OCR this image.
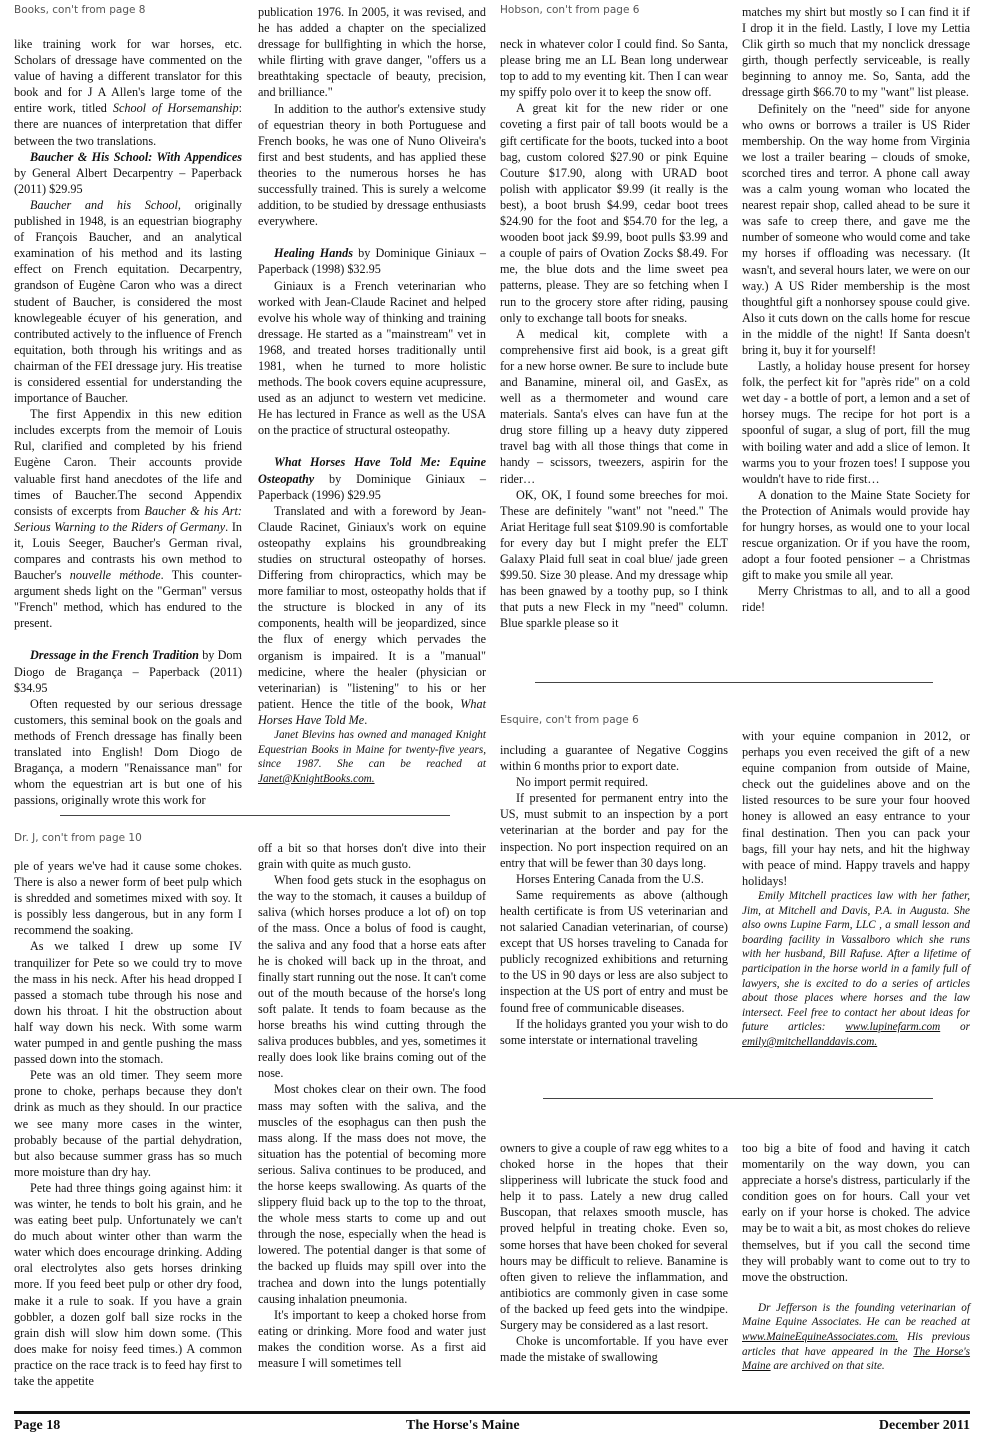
Books, con't from page 8

like training work for war horses, etc. Scholars of dressage have commented on the value of having a different translator for this book and for J A Allen's large tome of the entire work, titled School of Horsemanship: there are nuances of interpretation that differ between the two translations.

Baucher & His School: With Appendices by General Albert Decarpentry – Paperback (2011) $29.95

Baucher and his School, originally published in 1948, is an equestrian biography of François Baucher, and an analytical examination of his method and its lasting effect on French equitation. Decarpentry, grandson of Eugène Caron who was a direct student of Baucher, is considered the most knowlegeable écuyer of his generation, and contributed actively to the influence of French equitation, both through his writings and as chairman of the FEI dressage jury. His treatise is considered essential for understanding the importance of Baucher.

The first Appendix in this new edition includes excerpts from the memoir of Louis Rul, clarified and completed by his friend Eugène Caron. Their accounts provide valuable first hand anecdotes of the life and times of Baucher.The second Appendix consists of excerpts from Baucher & his Art: Serious Warning to the Riders of Germany. In it, Louis Seeger, Baucher's German rival, compares and contrasts his own method to Baucher's nouvelle méthode. This counter-argument sheds light on the "German" versus "French" method, which has endured to the present.

Dressage in the French Tradition by Dom Diogo de Bragança – Paperback (2011) $34.95

Often requested by our serious dressage customers, this seminal book on the goals and methods of French dressage has finally been translated into English! Dom Diogo de Bragança, a modern "Renaissance man" for whom the equestrian art is but one of his passions, originally wrote this work for

publication 1976. In 2005, it was revised, and he has added a chapter on the specialized dressage for bullfighting in which the horse, while flirting with grave danger, "offers us a breathtaking spectacle of beauty, precision, and brilliance."

In addition to the author's extensive study of equestrian theory in both Portuguese and French books, he was one of Nuno Oliveira's first and best students, and has applied these theories to the numerous horses he has successfully trained. This is surely a welcome addition, to be studied by dressage enthusiasts everywhere.

Healing Hands by Dominique Giniaux – Paperback (1998) $32.95

Giniaux is a French veterinarian who worked with Jean-Claude Racinet and helped evolve his whole way of thinking and training dressage. He started as a "mainstream" vet in 1968, and treated horses traditionally until 1981, when he turned to more holistic methods. The book covers equine acupressure, used as an adjunct to western vet medicine. He has lectured in France as well as the USA on the practice of structural osteopathy.

What Horses Have Told Me: Equine Osteopathy by Dominique Giniaux – Paperback (1996) $29.95

Translated and with a foreword by Jean-Claude Racinet, Giniaux's work on equine osteopathy explains his groundbreaking studies on structural osteopathy of horses. Differing from chiropractics, which may be more familiar to most, osteopathy holds that if the structure is blocked in any of its components, health will be jeopardized, since the flux of energy which pervades the organism is impaired. It is a "manual" medicine, where the healer (physician or veterinarian) is "listening" to his or her patient. Hence the title of the book, What Horses Have Told Me.

Janet Blevins has owned and managed Knight Equestrian Books in Maine for twenty-five years, since 1987. She can be reached at Janet@KnightBooks.com.

Hobson, con't from page 6

neck in whatever color I could find. So Santa, please bring me an LL Bean long underwear top to add to my eventing kit. Then I can wear my spiffy polo over it to keep the snow off.

A great kit for the new rider or one coveting a first pair of tall boots would be a gift certificate for the boots, tucked into a boot bag, custom colored $27.90 or pink Equine Couture $17.90, along with URAD boot polish with applicator $9.99 (it really is the best), a boot brush $4.99, cedar boot trees $24.90 for the foot and $54.70 for the leg, a wooden boot jack $9.99, boot pulls $3.99 and a couple of pairs of Ovation Zocks $8.49. For me, the blue dots and the lime sweet pea patterns, please. They are so fetching when I run to the grocery store after riding, pausing only to exchange tall boots for sneaks.

A medical kit, complete with a comprehensive first aid book, is a great gift for a new horse owner. Be sure to include bute and Banamine, mineral oil, and GasEx, as well as a thermometer and wound care materials. Santa's elves can have fun at the drug store filling up a heavy duty zippered travel bag with all those things that come in handy – scissors, tweezers, aspirin for the rider…

OK, OK, I found some breeches for moi. These are definitely "want" not "need." The Ariat Heritage full seat $109.90 is comfortable for every day but I might prefer the ELT Galaxy Plaid full seat in coal blue/ jade green $99.50. Size 30 please. And my dressage whip has been gnawed by a toothy pup, so I think that puts a new Fleck in my "need" column. Blue sparkle please so it

matches my shirt but mostly so I can find it if I drop it in the field. Lastly, I love my Lettia Clik girth so much that my nonclick dressage girth, though perfectly serviceable, is really beginning to annoy me. So, Santa, add the dressage girth $66.70 to my "want" list please.

Definitely on the "need" side for anyone who owns or borrows a trailer is US Rider membership. On the way home from Virginia we lost a trailer bearing – clouds of smoke, scorched tires and terror. A phone call away was a calm young woman who located the nearest repair shop, called ahead to be sure it was safe to creep there, and gave me the number of someone who would come and take my horses if offloading was necessary. (It wasn't, and several hours later, we were on our way.) A US Rider membership is the most thoughtful gift a nonhorsey spouse could give. Also it cuts down on the calls home for rescue in the middle of the night! If Santa doesn't bring it, buy it for yourself!

Lastly, a holiday house present for horsey folk, the perfect kit for "après ride" on a cold wet day - a bottle of port, a lemon and a set of horsey mugs. The recipe for hot port is a spoonful of sugar, a slug of port, fill the mug with boiling water and add a slice of lemon. It warms you to your frozen toes! I suppose you wouldn't have to ride first…

A donation to the Maine State Society for the Protection of Animals would provide hay for hungry horses, as would one to your local rescue organization. Or if you have the room, adopt a four footed pensioner – a Christmas gift to make you smile all year.

Merry Christmas to all, and to all a good ride!

Esquire, con't from page 6

including a guarantee of Negative Coggins within 6 months prior to export date.

No import permit required.

If presented for permanent entry into the US, must submit to an inspection by a port veterinarian at the border and pay for the inspection. No port inspection required on an entry that will be fewer than 30 days long.

Horses Entering Canada from the U.S.

Same requirements as above (although health certificate is from US veterinarian and not salaried Canadian veterinarian, of course) except that US horses traveling to Canada for publicly recognized exhibitions and returning to the US in 90 days or less are also subject to inspection at the US port of entry and must be found free of communicable diseases.

If the holidays granted you your wish to do some interstate or international traveling

with your equine companion in 2012, or perhaps you even received the gift of a new equine companion from outside of Maine, check out the guidelines above and on the listed resources to be sure your four hooved honey is allowed an easy entrance to your final destination. Then you can pack your bags, fill your hay nets, and hit the highway with peace of mind. Happy travels and happy holidays!

Emily Mitchell practices law with her father, Jim, at Mitchell and Davis, P.A. in Augusta. She also owns Lupine Farm, LLC , a small lesson and boarding facility in Vassalboro which she runs with her husband, Bill Rafuse. After a lifetime of participation in the horse world in a family full of lawyers, she is excited to do a series of articles about those places where horses and the law intersect. Feel free to contact her about ideas for future articles: www.lupinefarm.com or emily@mitchellanddavis.com.

Dr. J, con't from page 10

ple of years we've had it cause some chokes. There is also a newer form of beet pulp which is shredded and sometimes mixed with soy. It is possibly less dangerous, but in any form I recommend the soaking.

As we talked I drew up some IV tranquilizer for Pete so we could try to move the mass in his neck. After his head dropped I passed a stomach tube through his nose and down his throat. I hit the obstruction about half way down his neck. With some warm water pumped in and gentle pushing the mass passed down into the stomach.

Pete was an old timer. They seem more prone to choke, perhaps because they don't drink as much as they should. In our practice we see many more cases in the winter, probably because of the partial dehydration, but also because summer grass has so much more moisture than dry hay.

Pete had three things going against him: it was winter, he tends to bolt his grain, and he was eating beet pulp. Unfortunately we can't do much about winter other than warm the water which does encourage drinking. Adding oral electrolytes also gets horses drinking more. If you feed beet pulp or other dry food, make it a rule to soak. If you have a grain gobbler, a dozen golf ball size rocks in the grain dish will slow him down some. (This does make for noisy feed times.) A common practice on the race track is to feed hay first to take the appetite

off a bit so that horses don't dive into their grain with quite as much gusto.

When food gets stuck in the esophagus on the way to the stomach, it causes a buildup of saliva (which horses produce a lot of) on top of the mass. Once a bolus of food is caught, the saliva and any food that a horse eats after he is choked will back up in the throat, and finally start running out the nose. It can't come out of the mouth because of the horse's long soft palate. It tends to foam because as the horse breaths his wind cutting through the saliva produces bubbles, and yes, sometimes it really does look like brains coming out of the nose.

Most chokes clear on their own. The food mass may soften with the saliva, and the muscles of the esophagus can then push the mass along. If the mass does not move, the situation has the potential of becoming more serious. Saliva continues to be produced, and the horse keeps swallowing. As quarts of the slippery fluid back up to the top to the throat, the whole mess starts to come up and out through the nose, especially when the head is lowered. The potential danger is that some of the backed up fluids may spill over into the trachea and down into the lungs potentially causing inhalation pneumonia.

It's important to keep a choked horse from eating or drinking. More food and water just makes the condition worse. As a first aid measure I will sometimes tell

owners to give a couple of raw egg whites to a choked horse in the hopes that their slipperiness will lubricate the stuck food and help it to pass. Lately a new drug called Buscopan, that relaxes smooth muscle, has proved helpful in treating choke. Even so, some horses that have been choked for several hours may be difficult to relieve. Banamine is often given to relieve the inflammation, and antibiotics are commonly given in case some of the backed up feed gets into the windpipe. Surgery may be considered as a last resort.

Choke is uncomfortable. If you have ever made the mistake of swallowing

too big a bite of food and having it catch momentarily on the way down, you can appreciate a horse's distress, particularly if the condition goes on for hours. Call your vet early on if your horse is choked. The advice may be to wait a bit, as most chokes do relieve themselves, but if you call the second time they will probably want to come out to try to move the obstruction.

Dr Jefferson is the founding veterinarian of Maine Equine Associates. He can be reached at www.MaineEquineAssociates.com. His previous articles that have appeared in the The Horse's Maine are archived on that site.

Page 18	The Horse's Maine	December 2011
